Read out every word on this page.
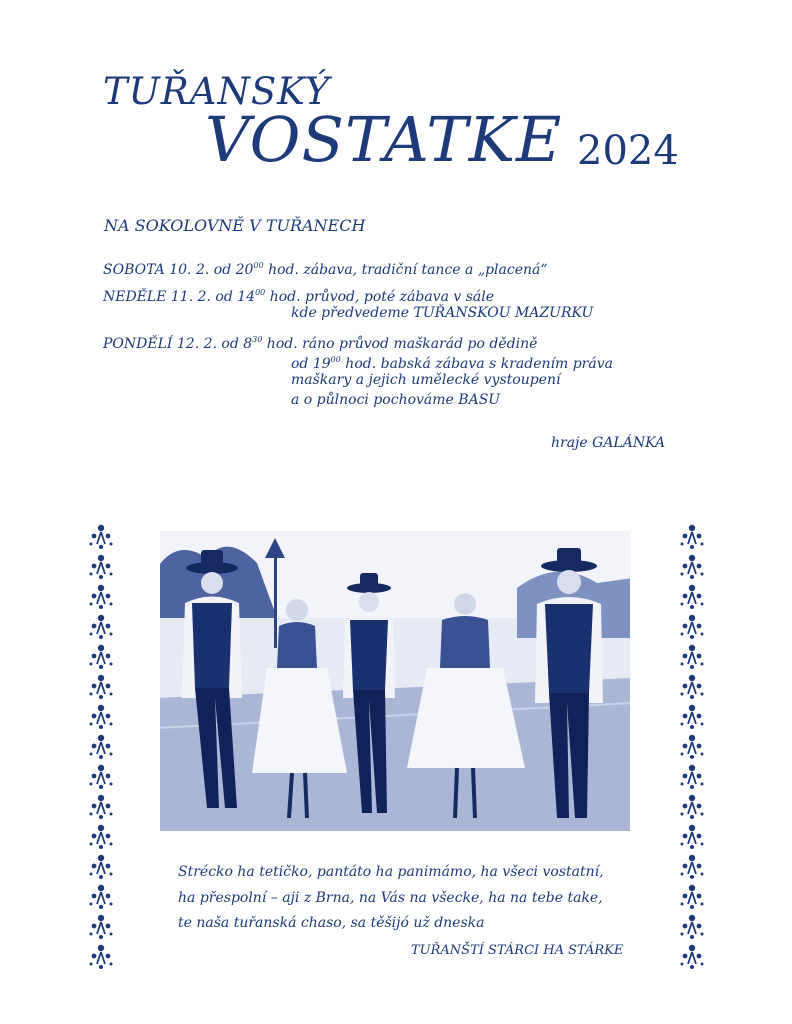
TUŘANSKÝ
VOSTATKE 2024
NA SOKOLOVNĚ V TUŘANECH
SOBOTA 10. 2. od $20^{00}$ hod. zábava, tradiční tance a „placená“
NEDĚLE 11. 2. od $14^{00}$ hod. průvod, poté zábava v sále
kde předvedeme TUŘANSKOU MAZURKU
PONDĚLÍ 12. 2. od $8^{30}$ hod. ráno průvod maškarád po dědině
od $19^{00}$ hod. babská zábava s kradením práva
maškary a jejich umělecké vystoupení
a o půlnoci pochováme BASU
hraje GALÁNKA
Strécko ha tetičko, pantáto ha panimámo, ha všeci vostatní,
ha přespolní – aji z Brna, na Vás na všecke, ha na tebe take,
te naša tuřanská chaso, sa těšijó už dneska
TUŘANŠTÍ STÁRCI HA STÁRKE
